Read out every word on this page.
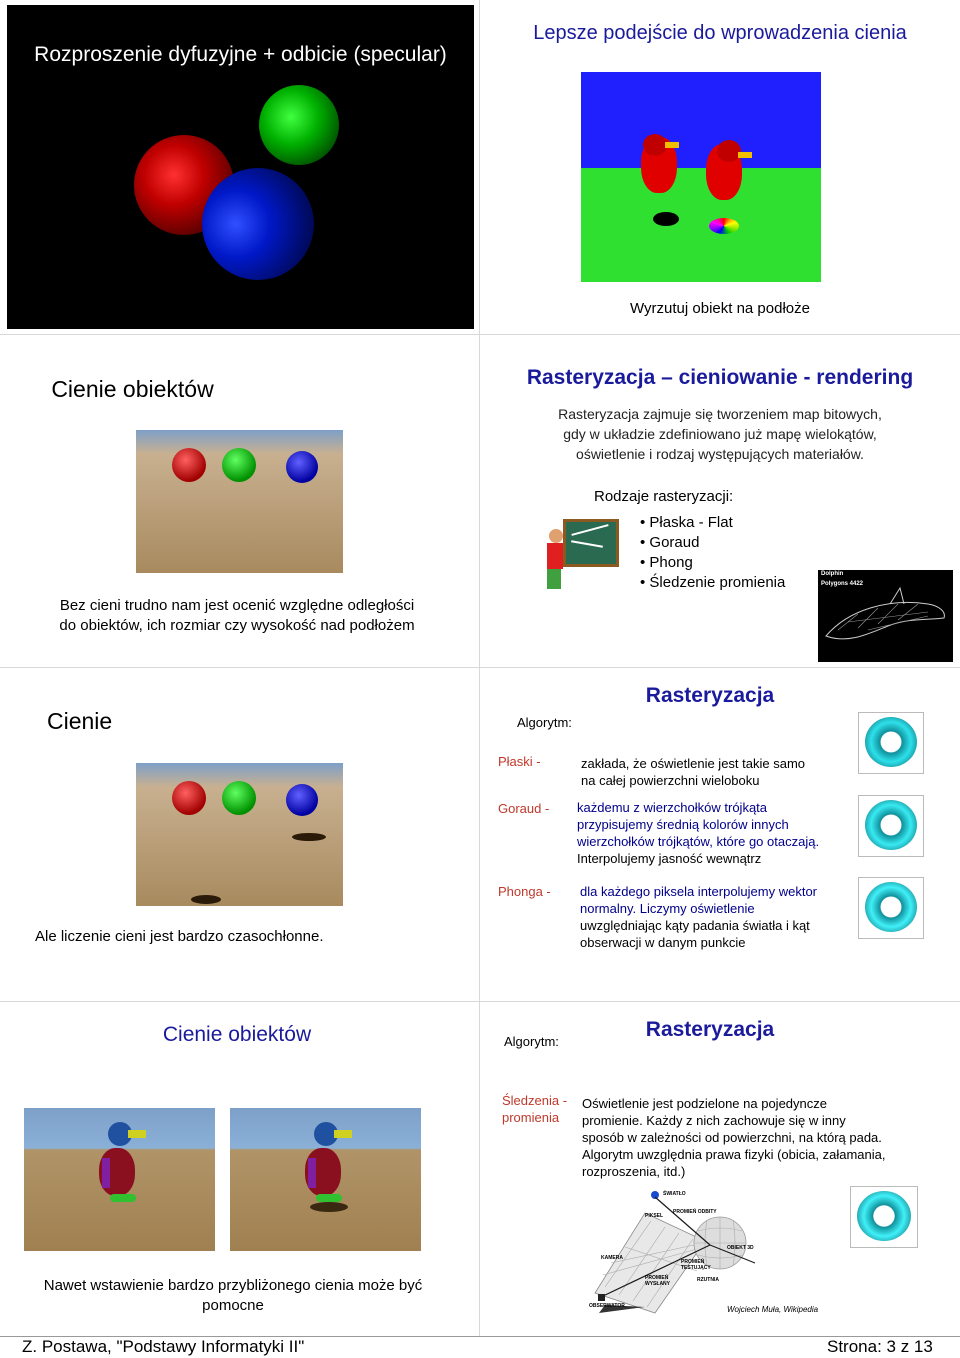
Rozproszenie dyfuzyjne + odbicie (specular)
Lepsze podejście do wprowadzenia cienia
Wyrzutuj obiekt na podłoże
Cienie obiektów
Bez cieni trudno nam jest ocenić względne odległości
do obiektów, ich rozmiar czy wysokość nad podłożem
Rasteryzacja – cieniowanie - rendering
Rasteryzacja zajmuje się tworzeniem map bitowych,
gdy w układzie zdefiniowano już mapę wielokątów,
oświetlenie i rodzaj występujących materiałów.
Rodzaje rasteryzacji:
• Płaska - Flat
• Goraud
• Phong
• Śledzenie promienia	Dolphin
Polygons 4422
Cienie
Ale liczenie cieni jest bardzo czasochłonne.
Rasteryzacja
Algorytm:
Płaski -	zakłada, że oświetlenie jest takie samo
na całej powierzchni wieloboku
Goraud - każdemu z wierzchołków trójkąta
przypisujemy średnią kolorów innych
wierzchołków trójkątów, które go otaczają.
Interpolujemy jasność wewnątrz
Phonga - dla każdego piksela interpolujemy wektor
normalny. Liczymy oświetlenie
uwzględniając kąty padania światła i kąt
obserwacji w danym punkcie
Cienie obiektów
Nawet wstawienie bardzo przybliżonego cienia może być
pomocne
Rasteryzacja
Algorytm:
Śledzenia -
promienia
Oświetlenie jest podzielone na pojedyncze
promienie. Każdy z nich zachowuje się w inny
sposób w zależności od powierzchni, na którą pada.
Algorytm uwzględnia prawa fizyki (obicia, załamania,
rozproszenia, itd.)
ŚWIATŁO
PIKSEL
PROMIEŃ ODBITY
OBIEKT 3D
KAMERA
PROMIEŃ WYSŁANY
PROMIEŃ TESTUJĄCY
OBSERWATOR
RZUTNIA
Wojciech Muła, Wikipedia
Z. Postawa, "Podstawy Informatyki II"	Strona: 3 z 13
